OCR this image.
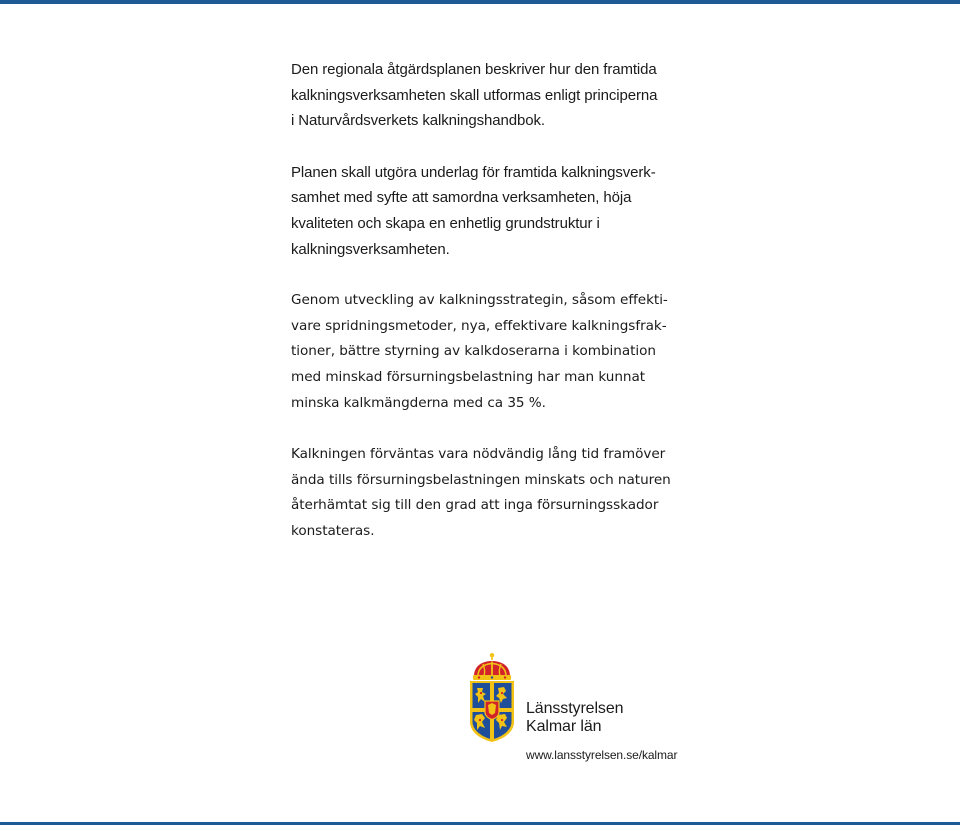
Den regionala åtgärdsplanen beskriver hur den framtida
kalkningsverksamheten skall utformas enligt principerna
i Naturvårdsverkets kalkningshandbok.

Planen skall utgöra underlag för framtida kalkningsverk-
samhet med syfte att samordna verksamheten, höja
kvaliteten och skapa en enhetlig grundstruktur i
kalkningsverksamheten.

Genom utveckling av kalkningsstrategin, såsom effekti-
vare spridningsmetoder, nya, effektivare kalkningsfrak-
tioner, bättre styrning av kalkdoserarna i kombination
med minskad försurningsbelastning har man kunnat
minska kalkmängderna med ca 35 %.

Kalkningen förväntas vara nödvändig lång tid framöver
ända tills försurningsbelastningen minskats och naturen
återhämtat sig till den grad att inga försurningsskador
konstateras.

Länsstyrelsen
Kalmar län
www.lansstyrelsen.se/kalmar
